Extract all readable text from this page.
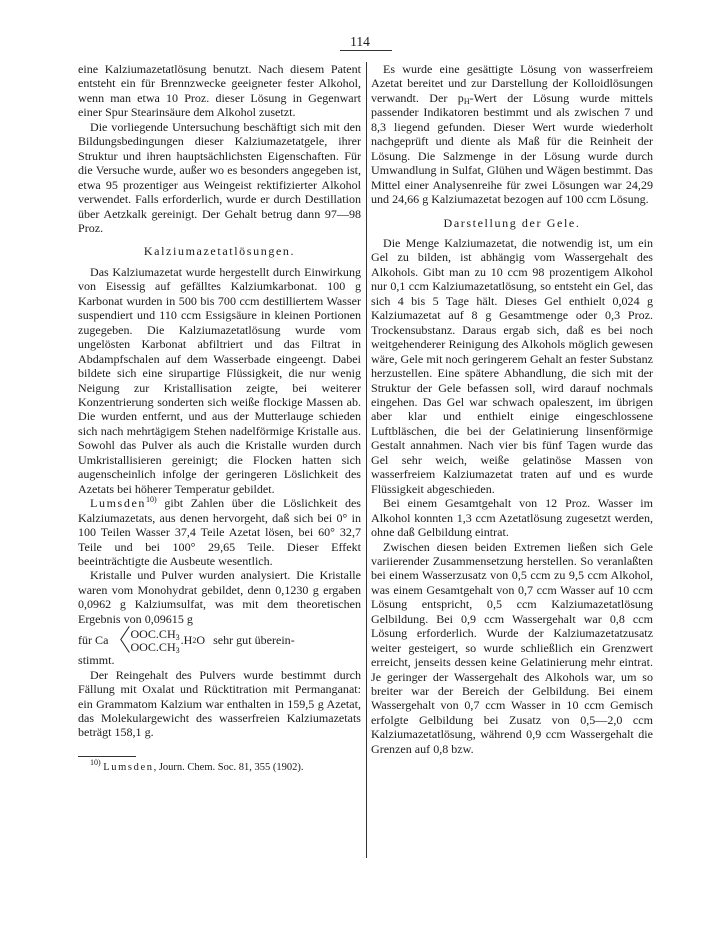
114

eine Kalziumazetatlösung benutzt. Nach diesem Patent entsteht ein für Brennzwecke geeigneter fester Alkohol, wenn man etwa 10 Proz. dieser Lösung in Gegenwart einer Spur Stearinsäure dem Alkohol zusetzt.

Die vorliegende Untersuchung beschäftigt sich mit den Bildungsbedingungen dieser Kalziumazetatgele, ihrer Struktur und ihren hauptsächlichsten Eigenschaften. Für die Versuche wurde, außer wo es besonders angegeben ist, etwa 95 prozentiger aus Weingeist rektifizierter Alkohol verwendet. Falls erforderlich, wurde er durch Destillation über Aetzkalk gereinigt. Der Gehalt betrug dann 97—98 Proz.

Kalziumazetatlösungen.

Das Kalziumazetat wurde hergestellt durch Einwirkung von Eisessig auf gefälltes Kalziumkarbonat. 100 g Karbonat wurden in 500 bis 700 ccm destilliertem Wasser suspendiert und 110 ccm Essigsäure in kleinen Portionen zugegeben. Die Kalziumazetatlösung wurde vom ungelösten Karbonat abfiltriert und das Filtrat in Abdampfschalen auf dem Wasserbade eingeengt. Dabei bildete sich eine sirupartige Flüssigkeit, die nur wenig Neigung zur Kristallisation zeigte, bei weiterer Konzentrierung sonderten sich weiße flockige Massen ab. Die wurden entfernt, und aus der Mutterlauge schieden sich nach mehrtägigem Stehen nadelförmige Kristalle aus. Sowohl das Pulver als auch die Kristalle wurden durch Umkristallisieren gereinigt; die Flocken hatten sich augenscheinlich infolge der geringeren Löslichkeit des Azetats bei höherer Temperatur gebildet.

Lumsden$^{10)}$ gibt Zahlen über die Löslichkeit des Kalziumazetats, aus denen hervorgeht, daß sich bei 0° in 100 Teilen Wasser 37,4 Teile Azetat lösen, bei 60° 32,7 Teile und bei 100° 29,65 Teile. Dieser Effekt beeinträchtigte die Ausbeute wesentlich.

Kristalle und Pulver wurden analysiert. Die Kristalle waren vom Monohydrat gebildet, denn 0,1230 g ergaben 0,0962 g Kalziumsulfat, was mit dem theoretischen Ergebnis von 0,09615 g

für Ca 〈 $OOC.CH_3$
$OOC.CH_3$
.H 2 O sehr gut überein-

stimmt.

Der Reingehalt des Pulvers wurde bestimmt durch Fällung mit Oxalat und Rücktitration mit Permanganat: ein Grammatom Kalzium war enthalten in 159,5 g Azetat, das Molekulargewicht des wasserfreien Kalziumazetats beträgt 158,1 g.

$^{10)}$ Lumsden, Journ. Chem. Soc. 81, 355 (1902).

Es wurde eine gesättigte Lösung von wasserfreiem Azetat bereitet und zur Darstellung der Kolloidlösungen verwandt. Der $p_H$-Wert der Lösung wurde mittels passender Indikatoren bestimmt und als zwischen 7 und 8,3 liegend gefunden. Dieser Wert wurde wiederholt nachgeprüft und diente als Maß für die Reinheit der Lösung. Die Salzmenge in der Lösung wurde durch Umwandlung in Sulfat, Glühen und Wägen bestimmt. Das Mittel einer Analysenreihe für zwei Lösungen war 24,29 und 24,66 g Kalziumazetat bezogen auf 100 ccm Lösung.

Darstellung der Gele.

Die Menge Kalziumazetat, die notwendig ist, um ein Gel zu bilden, ist abhängig vom Wassergehalt des Alkohols. Gibt man zu 10 ccm 98 prozentigem Alkohol nur 0,1 ccm Kalziumazetatlösung, so entsteht ein Gel, das sich 4 bis 5 Tage hält. Dieses Gel enthielt 0,024 g Kalziumazetat auf 8 g Gesamtmenge oder 0,3 Proz. Trockensubstanz. Daraus ergab sich, daß es bei noch weitgehenderer Reinigung des Alkohols möglich gewesen wäre, Gele mit noch geringerem Gehalt an fester Substanz herzustellen. Eine spätere Abhandlung, die sich mit der Struktur der Gele befassen soll, wird darauf nochmals eingehen. Das Gel war schwach opaleszent, im übrigen aber klar und enthielt einige eingeschlossene Luftbläschen, die bei der Gelatinierung linsenförmige Gestalt annahmen. Nach vier bis fünf Tagen wurde das Gel sehr weich, weiße gelatinöse Massen von wasserfreiem Kalziumazetat traten auf und es wurde Flüssigkeit abgeschieden.

Bei einem Gesamtgehalt von 12 Proz. Wasser im Alkohol konnten 1,3 ccm Azetatlösung zugesetzt werden, ohne daß Gelbildung eintrat.

Zwischen diesen beiden Extremen ließen sich Gele variierender Zusammensetzung herstellen. So veranlaßten bei einem Wasserzusatz von 0,5 ccm zu 9,5 ccm Alkohol, was einem Gesamtgehalt von 0,7 ccm Wasser auf 10 ccm Lösung entspricht, 0,5 ccm Kalziumazetatlösung Gelbildung. Bei 0,9 ccm Wassergehalt war 0,8 ccm Lösung erforderlich. Wurde der Kalziumazetatzusatz weiter gesteigert, so wurde schließlich ein Grenzwert erreicht, jenseits dessen keine Gelatinierung mehr eintrat. Je geringer der Wassergehalt des Alkohols war, um so breiter war der Bereich der Gelbildung. Bei einem Wassergehalt von 0,7 ccm Wasser in 10 ccm Gemisch erfolgte Gelbildung bei Zusatz von 0,5—2,0 ccm Kalziumazetatlösung, während 0,9 ccm Wassergehalt die Grenzen auf 0,8 bzw.
